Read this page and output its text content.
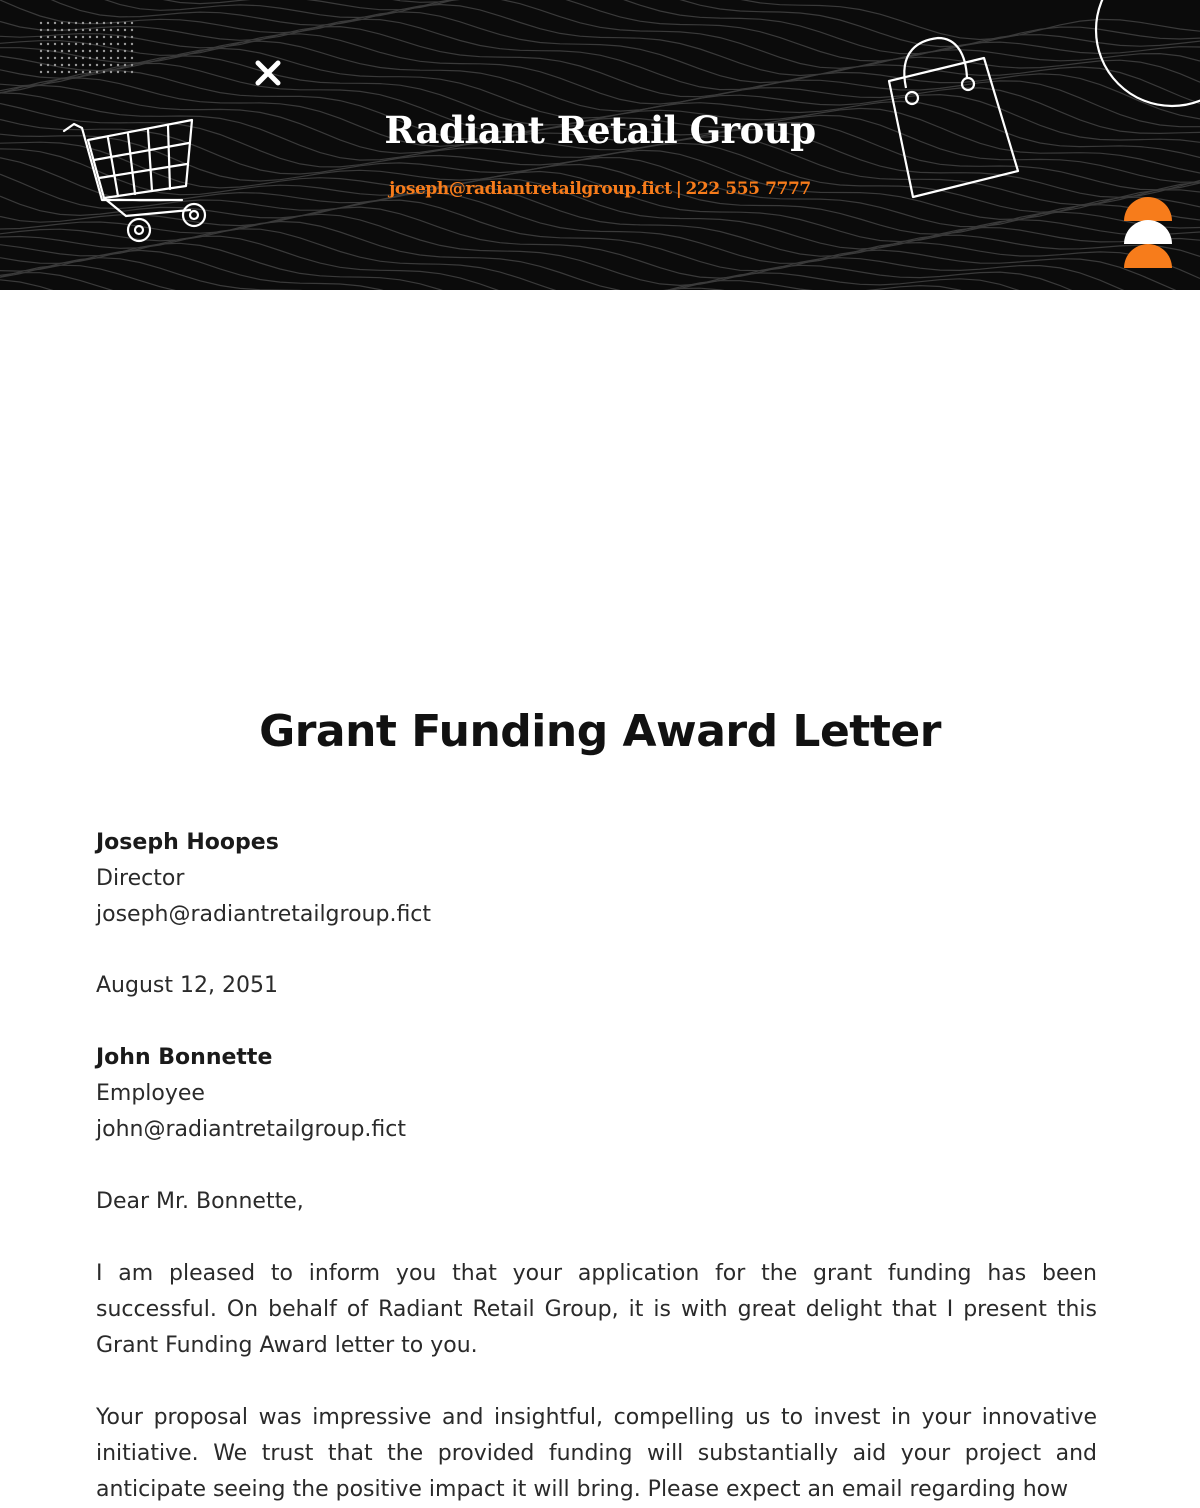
Radiant Retail Group
joseph@radiantretailgroup.fict | 222 555 7777
Grant Funding Award Letter
Joseph Hoopes
Director
joseph@radiantretailgroup.fict
August 12, 2051
John Bonnette
Employee
john@radiantretailgroup.fict
Dear Mr. Bonnette,
I am pleased to inform you that your application for the grant funding has been successful. On behalf of Radiant Retail Group, it is with great delight that I present this Grant Funding Award letter to you.
Your proposal was impressive and insightful, compelling us to invest in your innovative initiative. We trust that the provided funding will substantially aid your project and anticipate seeing the positive impact it will bring. Please expect an email regarding how
